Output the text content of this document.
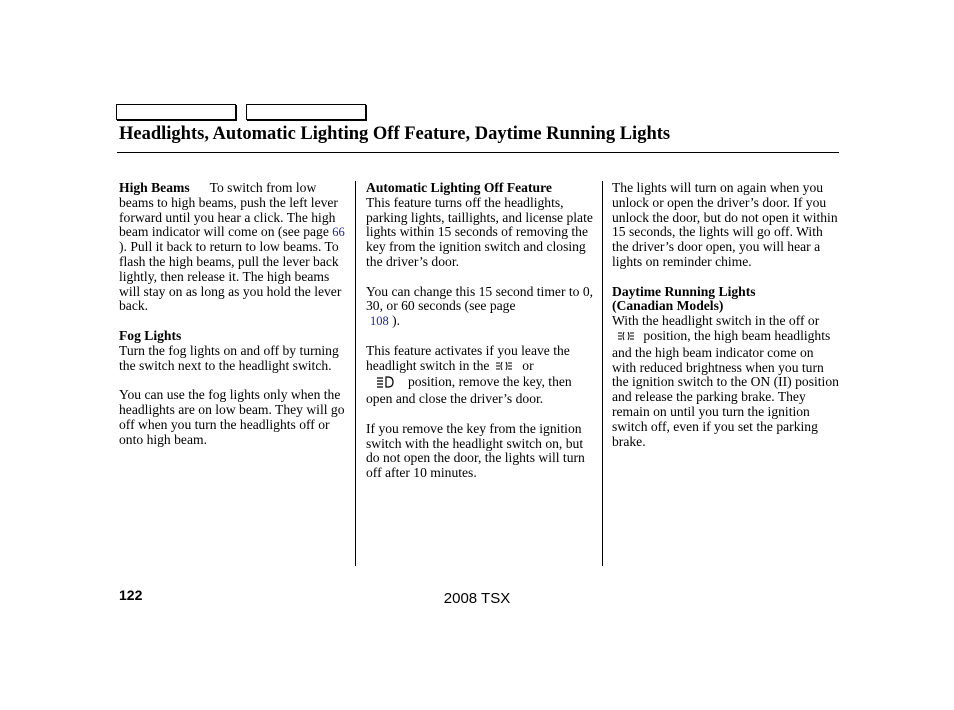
Headlights, Automatic Lighting Off Feature, Daytime Running Lights

High Beams To switch from low beams to high beams, push the left lever forward until you hear a click. The high beam indicator will come on (see page 66 ). Pull it back to return to low beams. To flash the high beams, pull the lever back lightly, then release it. The high beams will stay on as long as you hold the lever back.

Fog Lights

Turn the fog lights on and off by turning the switch next to the headlight switch.

You can use the fog lights only when the headlights are on low beam. They will go off when you turn the headlights off or onto high beam.

Automatic Lighting Off Feature

This feature turns off the headlights, parking lights, taillights, and license plate lights within 15 seconds of removing the key from the ignition switch and closing the driver’s door.

You can change this 15 second timer to 0, 30, or 60 seconds (see page
108 ).

This feature activates if you leave the headlight switch in the or
position, remove the key, then open and close the driver’s door.

If you remove the key from the ignition switch with the headlight switch on, but do not open the door, the lights will turn off after 10 minutes.

The lights will turn on again when you unlock or open the driver’s door. If you unlock the door, but do not open it within 15 seconds, the lights will go off. With the driver’s door open, you will hear a lights on reminder chime.

Daytime Running Lights
(Canadian Models)

With the headlight switch in the off or  position, the high beam headlights and the high beam indicator come on with reduced brightness when you turn the ignition switch to the ON (II) position and release the parking brake. They remain on until you turn the ignition switch off, even if you set the parking brake.

122	2008 TSX
